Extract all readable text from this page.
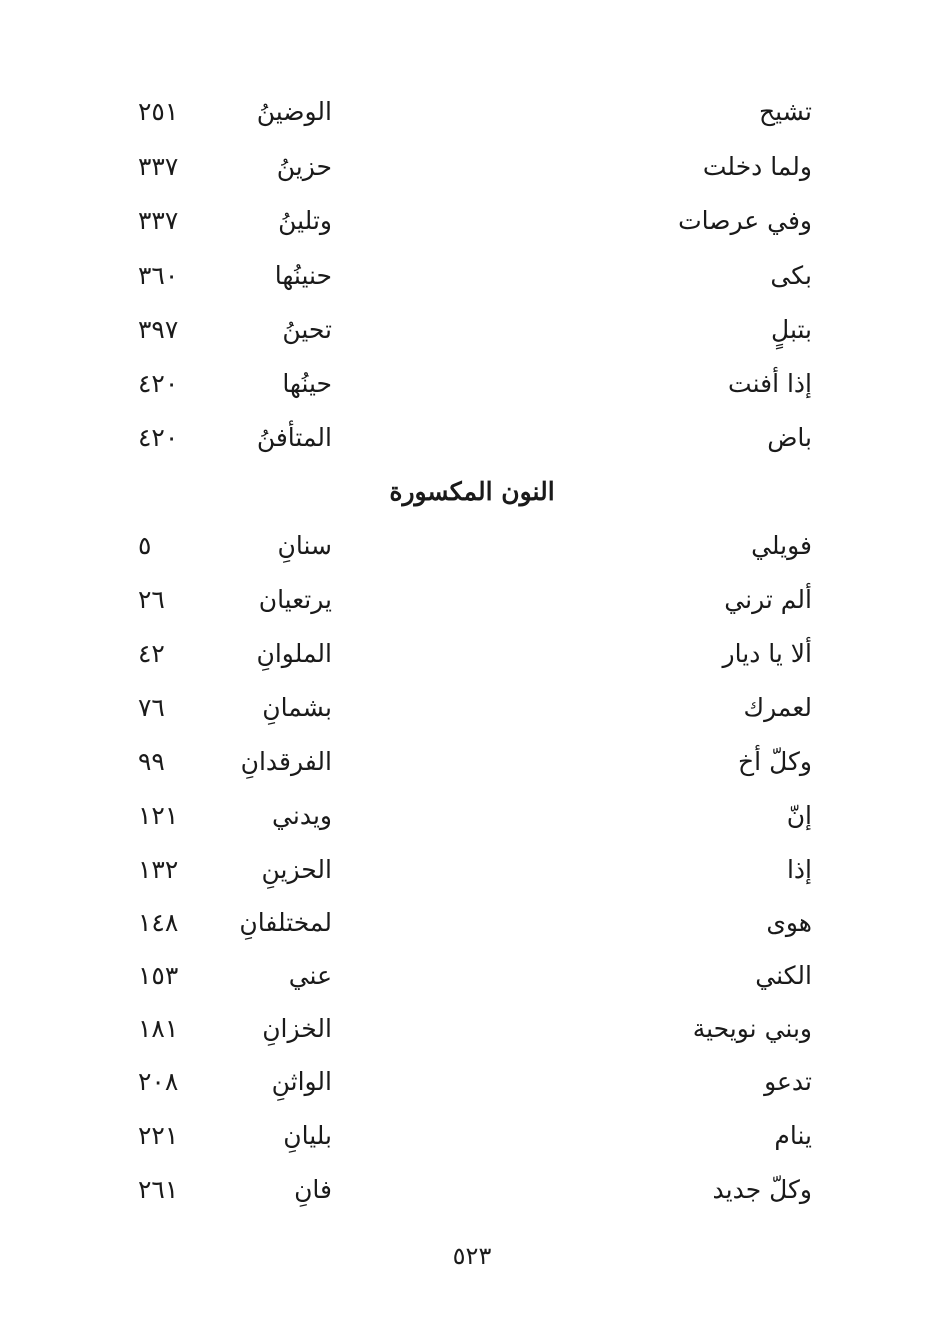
تشيح
الوضينُ
٢٥١
ولما دخلت
حزينُ
٣٣٧
وفي عرصات
وتلينُ
٣٣٧
بكى
حنينُها
٣٦٠
بتبلٍ
تحينُ
٣٩٧
إذا أفنت
حينُها
٤٢٠
باض
المتأفنُ
٤٢٠
النون المكسورة
فويلي
سنانِ
٥
ألم ترني
يرتعيان
٢٦
ألا يا ديار
الملوانِ
٤٢
لعمرك
بشمانِ
٧٦
وكلّ أخ
الفرقدانِ
٩٩
إنّ
ويدني
١٢١
إذا
الحزينِ
١٣٢
هوى
لمختلفانِ
١٤٨
الكني
عني
١٥٣
وبني نويحية
الخزانِ
١٨١
تدعو
الواثنِ
٢٠٨
ينام
بليانِ
٢٢١
وكلّ جديد
فانِ
٢٦١
٥٢٣
